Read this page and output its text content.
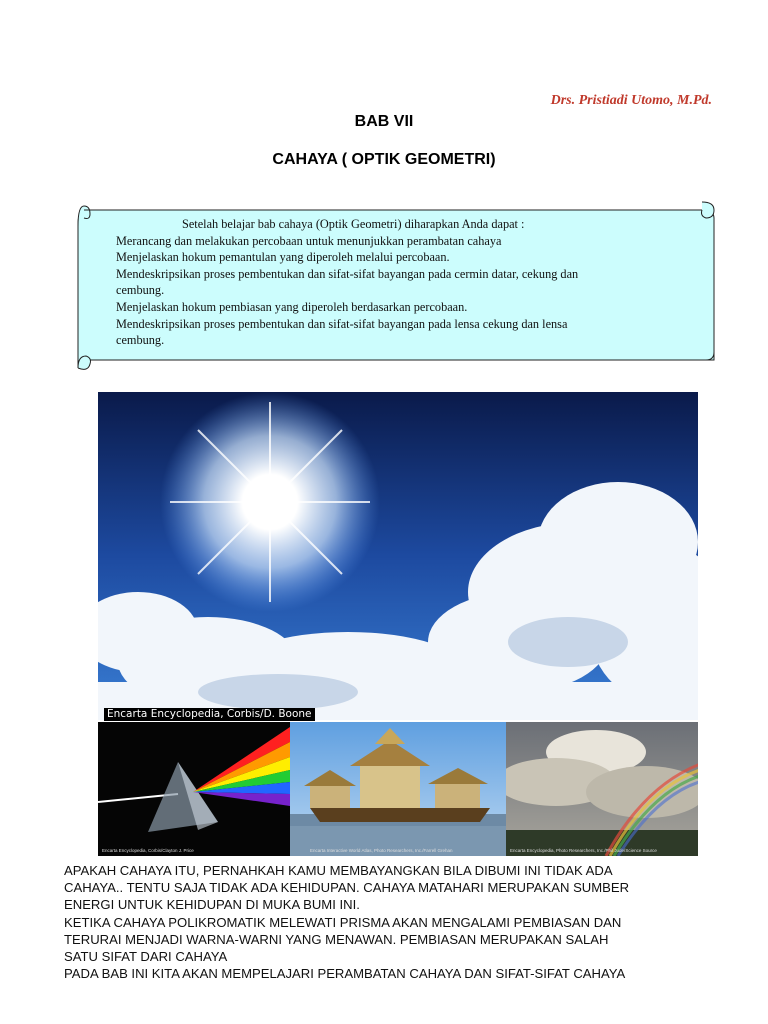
Drs. Pristiadi Utomo, M.Pd.
BAB VII
CAHAYA ( OPTIK GEOMETRI)
Setelah belajar bab cahaya (Optik Geometri) diharapkan Anda dapat :
Merancang dan melakukan percobaan untuk menunjukkan perambatan cahaya
Menjelaskan hokum pemantulan yang diperoleh melalui percobaan.
Mendeskripsikan proses pembentukan dan sifat-sifat bayangan pada cermin datar, cekung dan
cembung.
Menjelaskan hokum pembiasan yang diperoleh berdasarkan percobaan.
Mendeskripsikan proses pembentukan dan sifat-sifat bayangan pada lensa cekung dan lensa
cembung.
Encarta Encyclopedia, Corbis/D. Boone
Encarta Encyclopedia, Corbis/Clayton J. Price	Encarta Interactive World Atlas, Photo Researchers, Inc./Farrell Grehan	Encarta Encyclopedia, Photo Researchers, Inc./Phil Jude/Science Source
APAKAH CAHAYA ITU, PERNAHKAH KAMU MEMBAYANGKAN BILA DIBUMI INI TIDAK ADA
CAHAYA.. TENTU SAJA TIDAK ADA KEHIDUPAN. CAHAYA MATAHARI MERUPAKAN SUMBER
ENERGI UNTUK KEHIDUPAN DI MUKA BUMI INI.
KETIKA CAHAYA POLIKROMATIK MELEWATI PRISMA AKAN MENGALAMI PEMBIASAN DAN
TERURAI MENJADI WARNA-WARNI YANG MENAWAN. PEMBIASAN MERUPAKAN SALAH
SATU SIFAT DARI CAHAYA
PADA BAB INI KITA AKAN MEMPELAJARI PERAMBATAN CAHAYA DAN SIFAT-SIFAT CAHAYA
